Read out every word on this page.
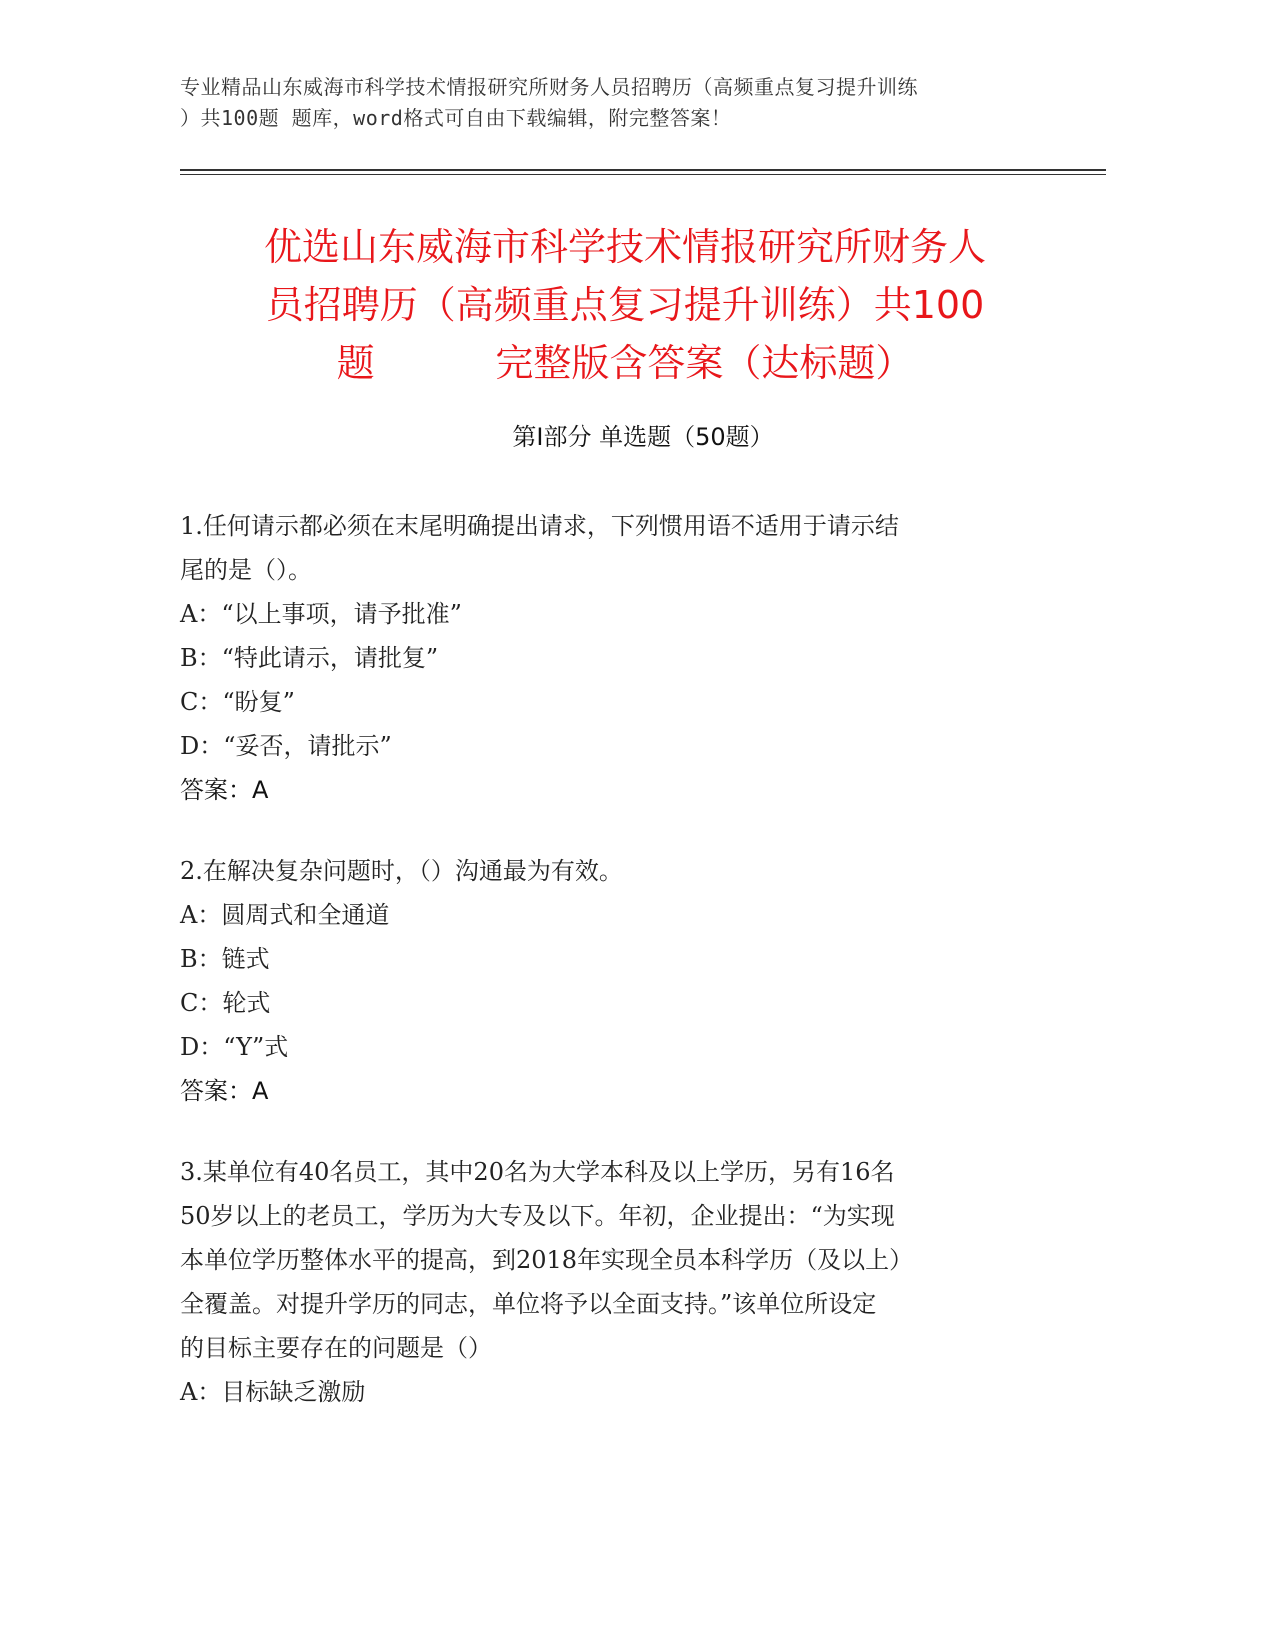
专业精品山东威海市科学技术情报研究所财务人员招聘历（高频重点复习提升训练
）共100题 题库，word格式可自由下载编辑，附完整答案！
优选山东威海市科学技术情报研究所财务人
员招聘历（高频重点复习提升训练）共100
题          完整版含答案（达标题）
第Ⅰ部分 单选题（50题）
1.任何请示都必须在末尾明确提出请求，下列惯用语不适用于请示结
尾的是（）。
A：“以上事项，请予批准”
B：“特此请示，请批复”
C：“盼复”
D：“妥否，请批示”
答案：A
2.在解决复杂问题时，（）沟通最为有效。
A：圆周式和全通道
B：链式
C：轮式
D：“Y”式
答案：A
3.某单位有40名员工，其中20名为大学本科及以上学历，另有16名
50岁以上的老员工，学历为大专及以下。年初，企业提出：“为实现
本单位学历整体水平的提高，到2018年实现全员本科学历（及以上）
全覆盖。对提升学历的同志，单位将予以全面支持。”该单位所设定
的目标主要存在的问题是（）
A：目标缺乏激励
